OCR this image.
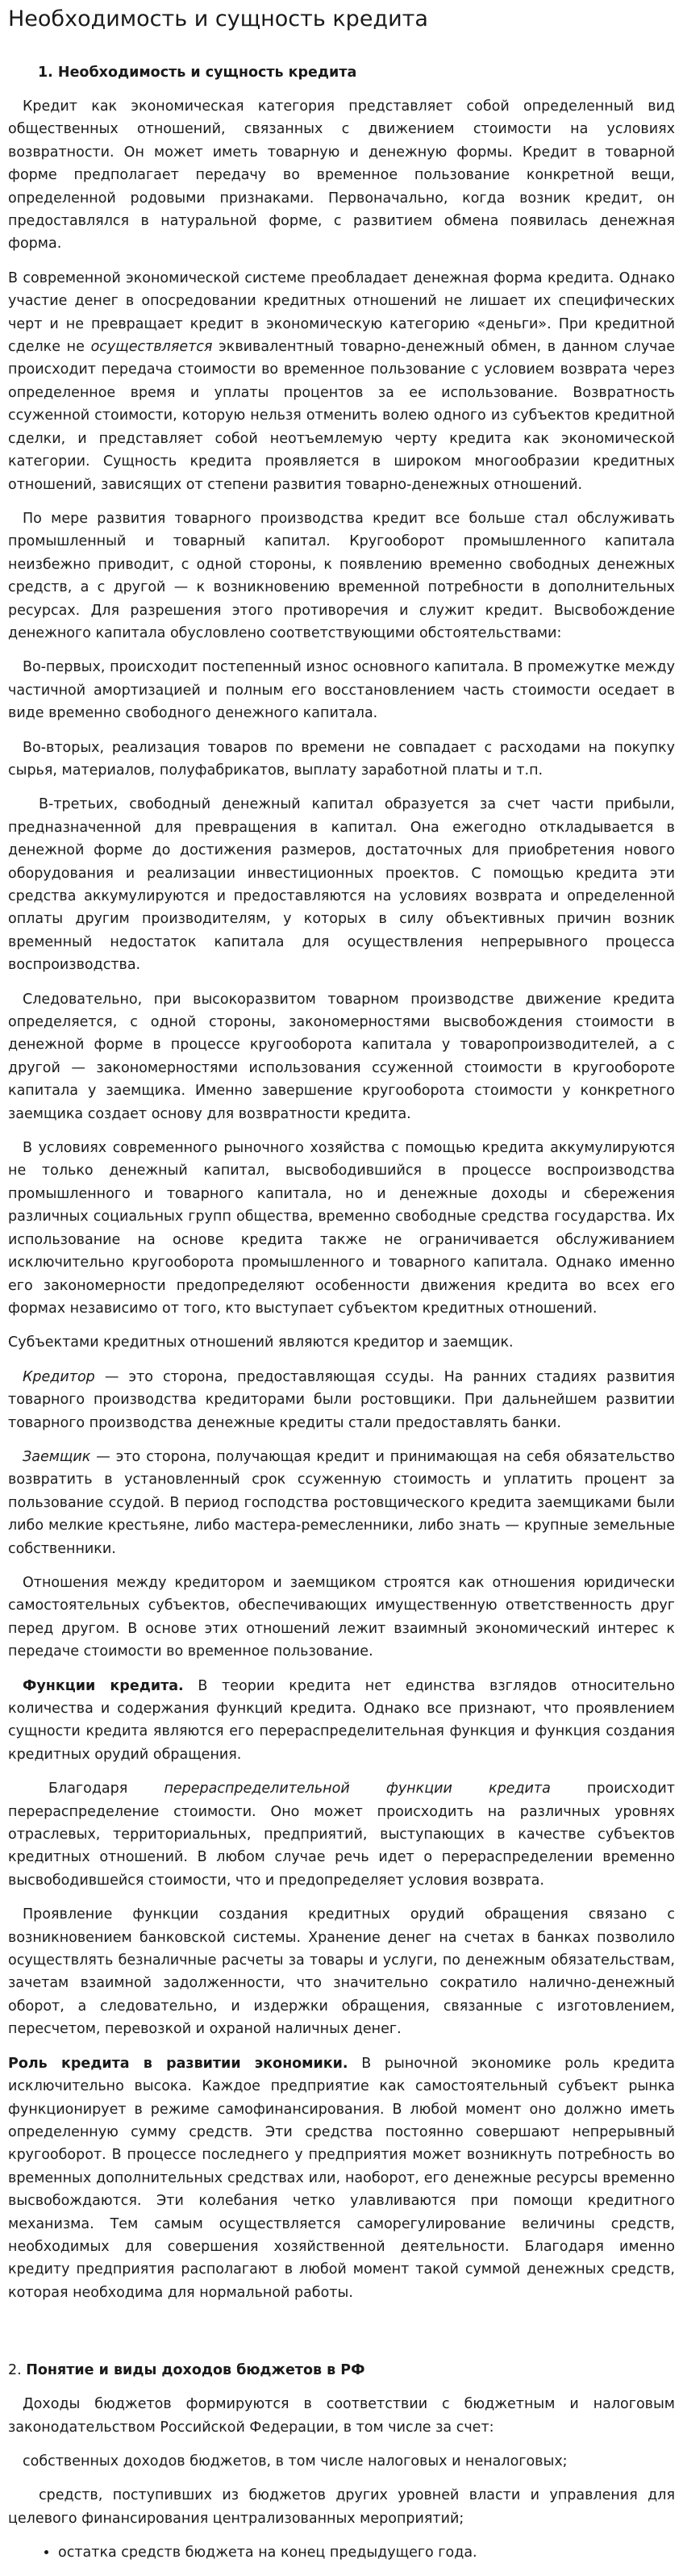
Необходимость и сущность кредита
1. Необходимость и сущность кредита

Кредит как экономическая категория представляет собой определенный вид общественных отношений, связанных с движением стоимости на условиях возвратности. Он может иметь товарную и денежную формы. Кредит в товарной форме предполагает передачу во временное пользование конкретной вещи, определенной родовыми признаками. Первоначально, когда возник кредит, он предоставлялся в натуральной форме, с развитием обмена появилась денежная форма.

В современной экономической системе преобладает денежная форма кредита. Однако участие денег в опосредовании кредитных отношений не лишает их специфических черт и не превращает кредит в экономическую категорию «деньги». При кредитной сделке не осуществляется эквивалентный товарно-денежный обмен, в данном случае происходит передача стоимости во временное пользование с условием возврата через определенное время и уплаты процентов за ее использование. Возвратность ссуженной стоимости, которую нельзя отменить волею одного из субъектов кредитной сделки, и представляет собой неотъемлемую черту кредита как экономической категории. Сущность кредита проявляется в широком многообразии кредитных отношений, зависящих от степени развития товарно-денежных отношений.

По мере развития товарного производства кредит все больше стал обслуживать промышленный и товарный капитал. Кругооборот промышленного капитала неизбежно приводит, с одной стороны, к появлению временно свободных денежных средств, а с другой — к возникновению временной потребности в дополнительных ресурсах. Для разрешения этого противоречия и служит кредит. Высвобождение денежного капитала обусловлено соответствующими обстоятельствами:

Во-первых, происходит постепенный износ основного капитала. В промежутке между частичной амортизацией и полным его восстановлением часть стоимости оседает в виде временно свободного денежного капитала.

Во-вторых, реализация товаров по времени не совпадает с расходами на покупку сырья, материалов, полуфабрикатов, выплату заработной платы и т.п.

В-третьих, свободный денежный капитал образуется за счет части прибыли, предназначенной для превращения в капитал. Она ежегодно откладывается в денежной форме до достижения размеров, достаточных для приобретения нового оборудования и реализации инвестиционных проектов. С помощью кредита эти средства аккумулируются и предоставляются на условиях возврата и определенной оплаты другим производителям, у которых в силу объективных причин возник временный недостаток капитала для осуществления непрерывного процесса воспроизводства.

Следовательно, при высокоразвитом товарном производстве движение кредита определяется, с одной стороны, закономерностями высвобождения стоимости в денежной форме в процессе кругооборота капитала у товаропроизводителей, а с другой — закономерностями использования ссуженной стоимости в кругообороте капитала у заемщика. Именно завершение кругооборота стоимости у конкретного заемщика создает основу для возвратности кредита.

В условиях современного рыночного хозяйства с помощью кредита аккумулируются не только денежный капитал, высвободившийся в процессе воспроизводства промышленного и товарного капитала, но и денежные доходы и сбережения различных социальных групп общества, временно свободные средства государства. Их использование на основе кредита также не ограничивается обслуживанием исключительно кругооборота промышленного и товарного капитала. Однако именно его закономерности предопределяют особенности движения кредита во всех его формах независимо от того, кто выступает субъектом кредитных отношений.

Субъектами кредитных отношений являются кредитор и заемщик.

Кредитор — это сторона, предоставляющая ссуды. На ранних стадиях развития товарного производства кредиторами были ростовщики. При дальнейшем развитии товарного производства денежные кредиты стали предоставлять банки.

Заемщик — это сторона, получающая кредит и принимающая на себя обязательство возвратить в установленный срок ссуженную стоимость и уплатить процент за пользование ссудой. В период господства ростовщического кредита заемщиками были либо мелкие крестьяне, либо мастера-ремесленники, либо знать — крупные земельные собственники.

Отношения между кредитором и заемщиком строятся как отношения юридически самостоятельных субъектов, обеспечивающих имущественную ответственность друг перед другом. В основе этих отношений лежит взаимный экономический интерес к передаче стоимости во временное пользование.

Функции кредита. В теории кредита нет единства взглядов относительно количества и содержания функций кредита. Однако все признают, что проявлением сущности кредита являются его перераспределительная функция и функция создания кредитных орудий обращения.

Благодаря перераспределительной функции кредита происходит перераспределение стоимости. Оно может происходить на различных уровнях отраслевых, территориальных, предприятий, выступающих в качестве субъектов кредитных отношений. В любом случае речь идет о перераспределении временно высвободившейся стоимости, что и предопределяет условия возврата.

Проявление функции создания кредитных орудий обращения связано с возникновением банковской системы. Хранение денег на счетах в банках позволило осуществлять безналичные расчеты за товары и услуги, по денежным обязательствам, зачетам взаимной задолженности, что значительно сократило налично-денежный оборот, а следовательно, и издержки обращения, связанные с изготовлением, пересчетом, перевозкой и охраной наличных денег.

Роль кредита в развитии экономики. В рыночной экономике роль кредита исключительно высока. Каждое предприятие как самостоятельный субъект рынка функционирует в режиме самофинансирования. В любой момент оно должно иметь определенную сумму средств. Эти средства постоянно совершают непрерывный кругооборот. В процессе последнего у предприятия может возникнуть потребность во временных дополнительных средствах или, наоборот, его денежные ресурсы временно высвобождаются. Эти колебания четко улавливаются при помощи кредитного механизма. Тем самым осуществляется саморегулирование величины средств, необходимых для совершения хозяйственной деятельности. Благодаря именно кредиту предприятия располагают в любой момент такой суммой денежных средств, которая необходима для нормальной работы.

2. Понятие и виды доходов бюджетов в РФ

Доходы бюджетов формируются в соответствии с бюджетным и налоговым законодательством Российской Федерации, в том числе за счет:

собственных доходов бюджетов, в том числе налоговых и неналоговых;

средств, поступивших из бюджетов других уровней власти и управления для целевого финансирования централизованных мероприятий;

• остатка средств бюджета на конец предыдущего года.
